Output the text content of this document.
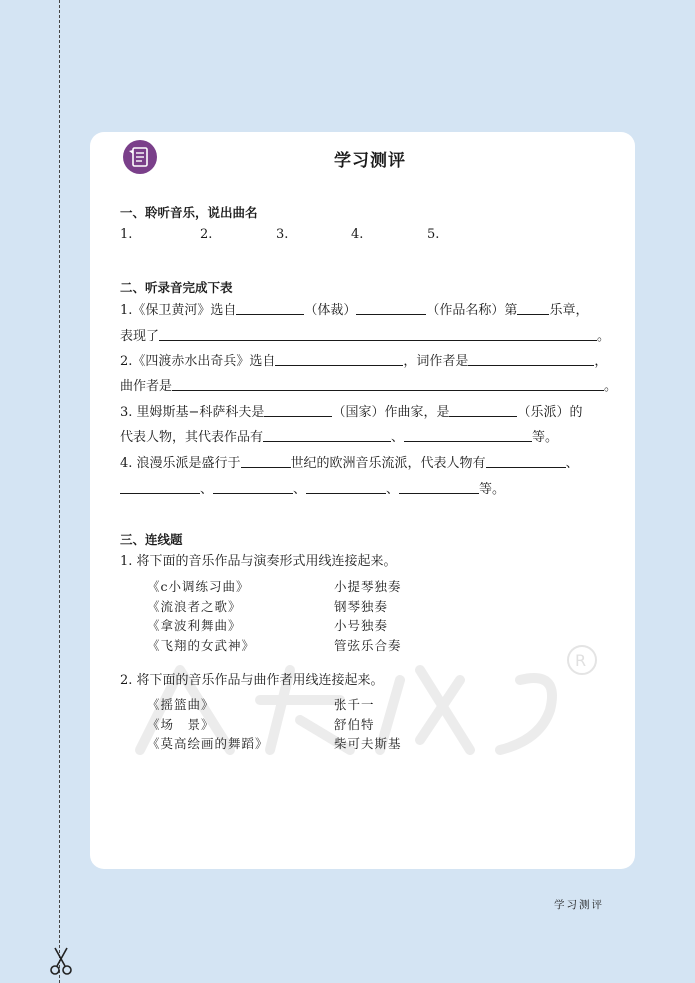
学习测评
R
一、聆听音乐，说出曲名
1.	2.	3.	4.	5.
二、听录音完成下表
1.《保卫黄河》选自	（体裁）	（作品名称）第 乐章，
表现了	。
2.《四渡赤水出奇兵》选自	，词作者是	，
曲作者是	。
3. 里姆斯基−科萨科夫是	（国家）作曲家，是	（乐派）的
代表人物，其代表作品有	、	等。
4. 浪漫乐派是盛行于	世纪的欧洲音乐流派，代表人物有	、
、	、	、	等。
三、连线题
1. 将下面的音乐作品与演奏形式用线连接起来。
《c小调练习曲》	小提琴独奏
《流浪者之歌》	钢琴独奏
《拿波利舞曲》	小号独奏
《飞翔的女武神》	管弦乐合奏
2. 将下面的音乐作品与曲作者用线连接起来。
《摇篮曲》	张千一
《场　景》	舒伯特
《莫高绘画的舞蹈》	柴可夫斯基
学习测评
